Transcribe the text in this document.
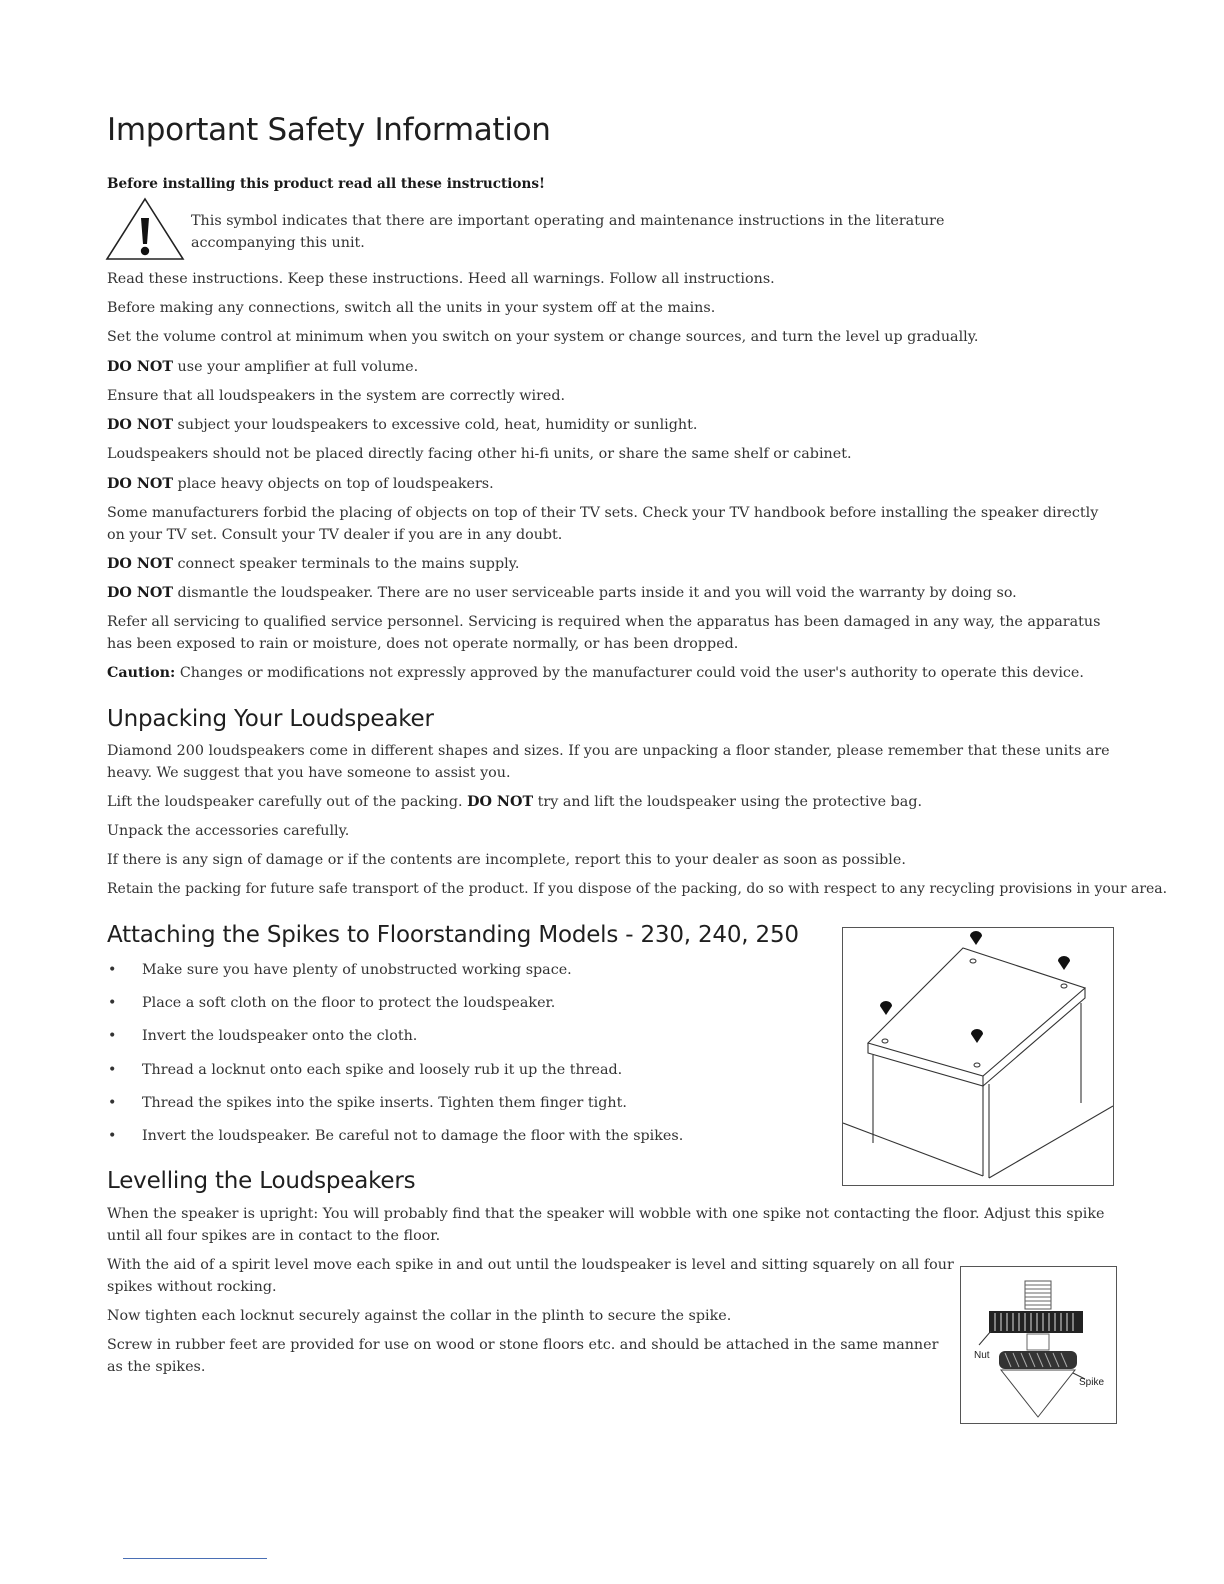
Important Safety Information
Before installing this product read all these instructions!

This symbol indicates that there are important operating and maintenance instructions in the literature accompanying this unit.

Read these instructions. Keep these instructions. Heed all warnings. Follow all instructions.

Before making any connections, switch all the units in your system off at the mains.

Set the volume control at minimum when you switch on your system or change sources, and turn the level up gradually.

DO NOT use your amplifier at full volume.

Ensure that all loudspeakers in the system are correctly wired.

DO NOT subject your loudspeakers to excessive cold, heat, humidity or sunlight.

Loudspeakers should not be placed directly facing other hi-fi units, or share the same shelf or cabinet.

DO NOT place heavy objects on top of loudspeakers.

Some manufacturers forbid the placing of objects on top of their TV sets. Check your TV handbook before installing the speaker directly on your TV set. Consult your TV dealer if you are in any doubt.

DO NOT connect speaker terminals to the mains supply.

DO NOT dismantle the loudspeaker. There are no user serviceable parts inside it and you will void the warranty by doing so.

Refer all servicing to qualified service personnel. Servicing is required when the apparatus has been damaged in any way, the apparatus has been exposed to rain or moisture, does not operate normally, or has been dropped.

Caution: Changes or modifications not expressly approved by the manufacturer could void the user's authority to operate this device.

Unpacking Your Loudspeaker

Diamond 200 loudspeakers come in different shapes and sizes. If you are unpacking a floor stander, please remember that these units are heavy. We suggest that you have someone to assist you.

Lift the loudspeaker carefully out of the packing. DO NOT try and lift the loudspeaker using the protective bag.

Unpack the accessories carefully.

If there is any sign of damage or if the contents are incomplete, report this to your dealer as soon as possible.

Retain the packing for future safe transport of the product. If you dispose of the packing, do so with respect to any recycling provisions in your area.

Attaching the Spikes to Floorstanding Models - 230, 240, 250
• Make sure you have plenty of unobstructed working space.
• Place a soft cloth on the floor to protect the loudspeaker.
• Invert the loudspeaker onto the cloth.
• Thread a locknut onto each spike and loosely rub it up the thread.
• Thread the spikes into the spike inserts. Tighten them finger tight.
• Invert the loudspeaker. Be careful not to damage the floor with the spikes.
Levelling the Loudspeakers

When the speaker is upright: You will probably find that the speaker will wobble with one spike not contacting the floor. Adjust this spike until all four spikes are in contact to the floor.

With the aid of a spirit level move each spike in and out until the loudspeaker is level and sitting squarely on all four spikes without rocking.

Now tighten each locknut securely against the collar in the plinth to secure the spike.

Screw in rubber feet are provided for use on wood or stone floors etc. and should be attached in the same manner as the spikes.

Nut
Spike
